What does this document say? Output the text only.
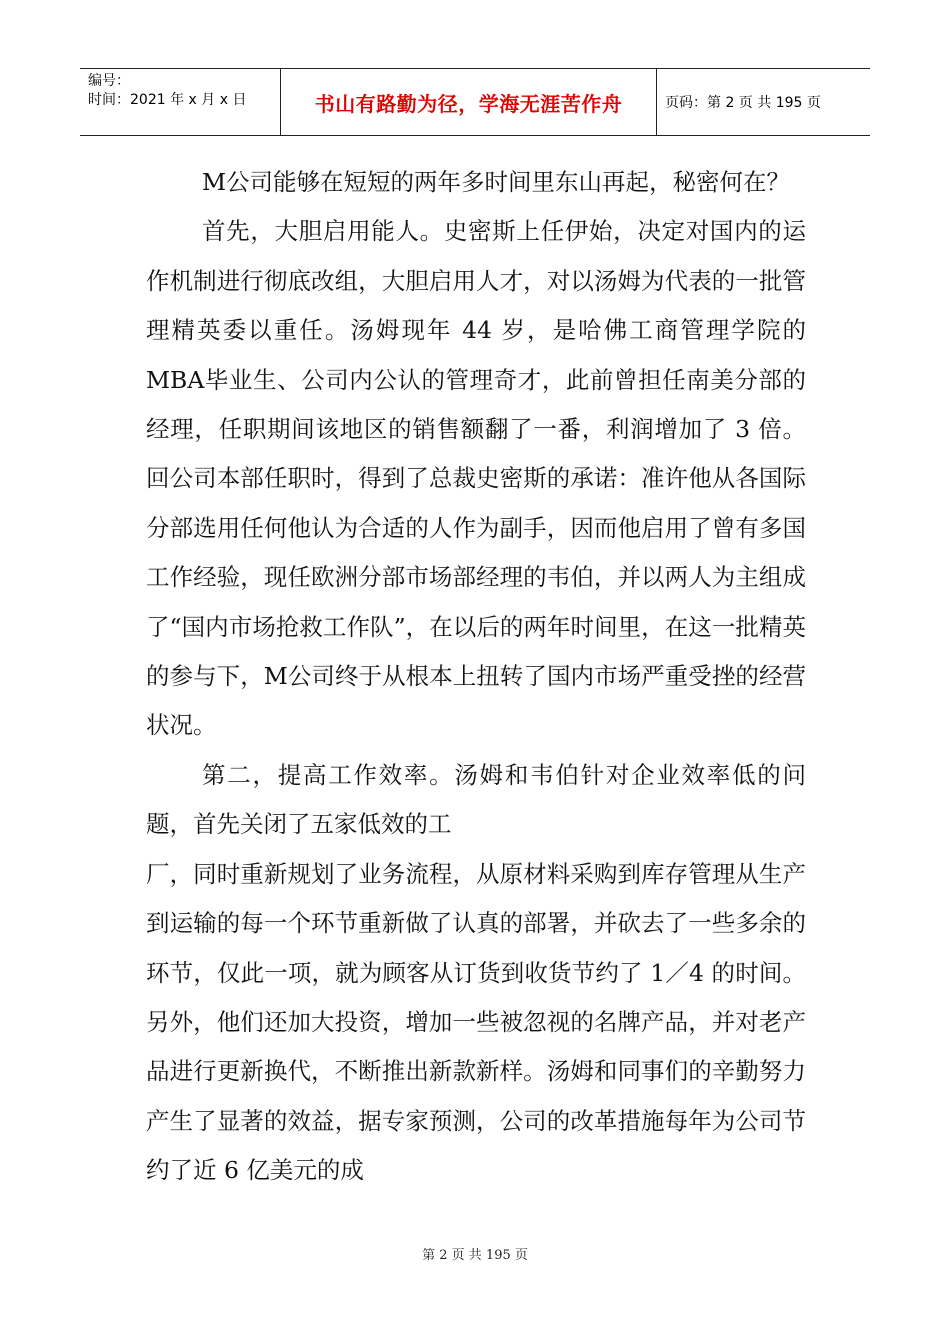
编号：
时间：2021 年 x 月 x 日	书山有路勤为径，学海无涯苦作舟	页码：第 2 页 共 195 页

M公司能够在短短的两年多时间里东山再起，秘密何在？

首先，大胆启用能人。史密斯上任伊始，决定对国内的运作机制进行彻底改组，大胆启用人才，对以汤姆为代表的一批管理精英委以重任。汤姆现年 44 岁，是哈佛工商管理学院的MBA毕业生、公司内公认的管理奇才，此前曾担任南美分部的经理，任职期间该地区的销售额翻了一番，利润增加了 3 倍。回公司本部任职时，得到了总裁史密斯的承诺：准许他从各国际分部选用任何他认为合适的人作为副手，因而他启用了曾有多国工作经验，现任欧洲分部市场部经理的韦伯，并以两人为主组成了“国内市场抢救工作队”，在以后的两年时间里，在这一批精英的参与下，M公司终于从根本上扭转了国内市场严重受挫的经营状况。

第二，提高工作效率。汤姆和韦伯针对企业效率低的问题，首先关闭了五家低效的工

厂，同时重新规划了业务流程，从原材料采购到库存管理从生产到运输的每一个环节重新做了认真的部署，并砍去了一些多余的环节，仅此一项，就为顾客从订货到收货节约了 1／4 的时间。另外，他们还加大投资，增加一些被忽视的名牌产品，并对老产品进行更新换代，不断推出新款新样。汤姆和同事们的辛勤努力产生了显著的效益，据专家预测，公司的改革措施每年为公司节约了近 6 亿美元的成

第 2 页 共 195 页
